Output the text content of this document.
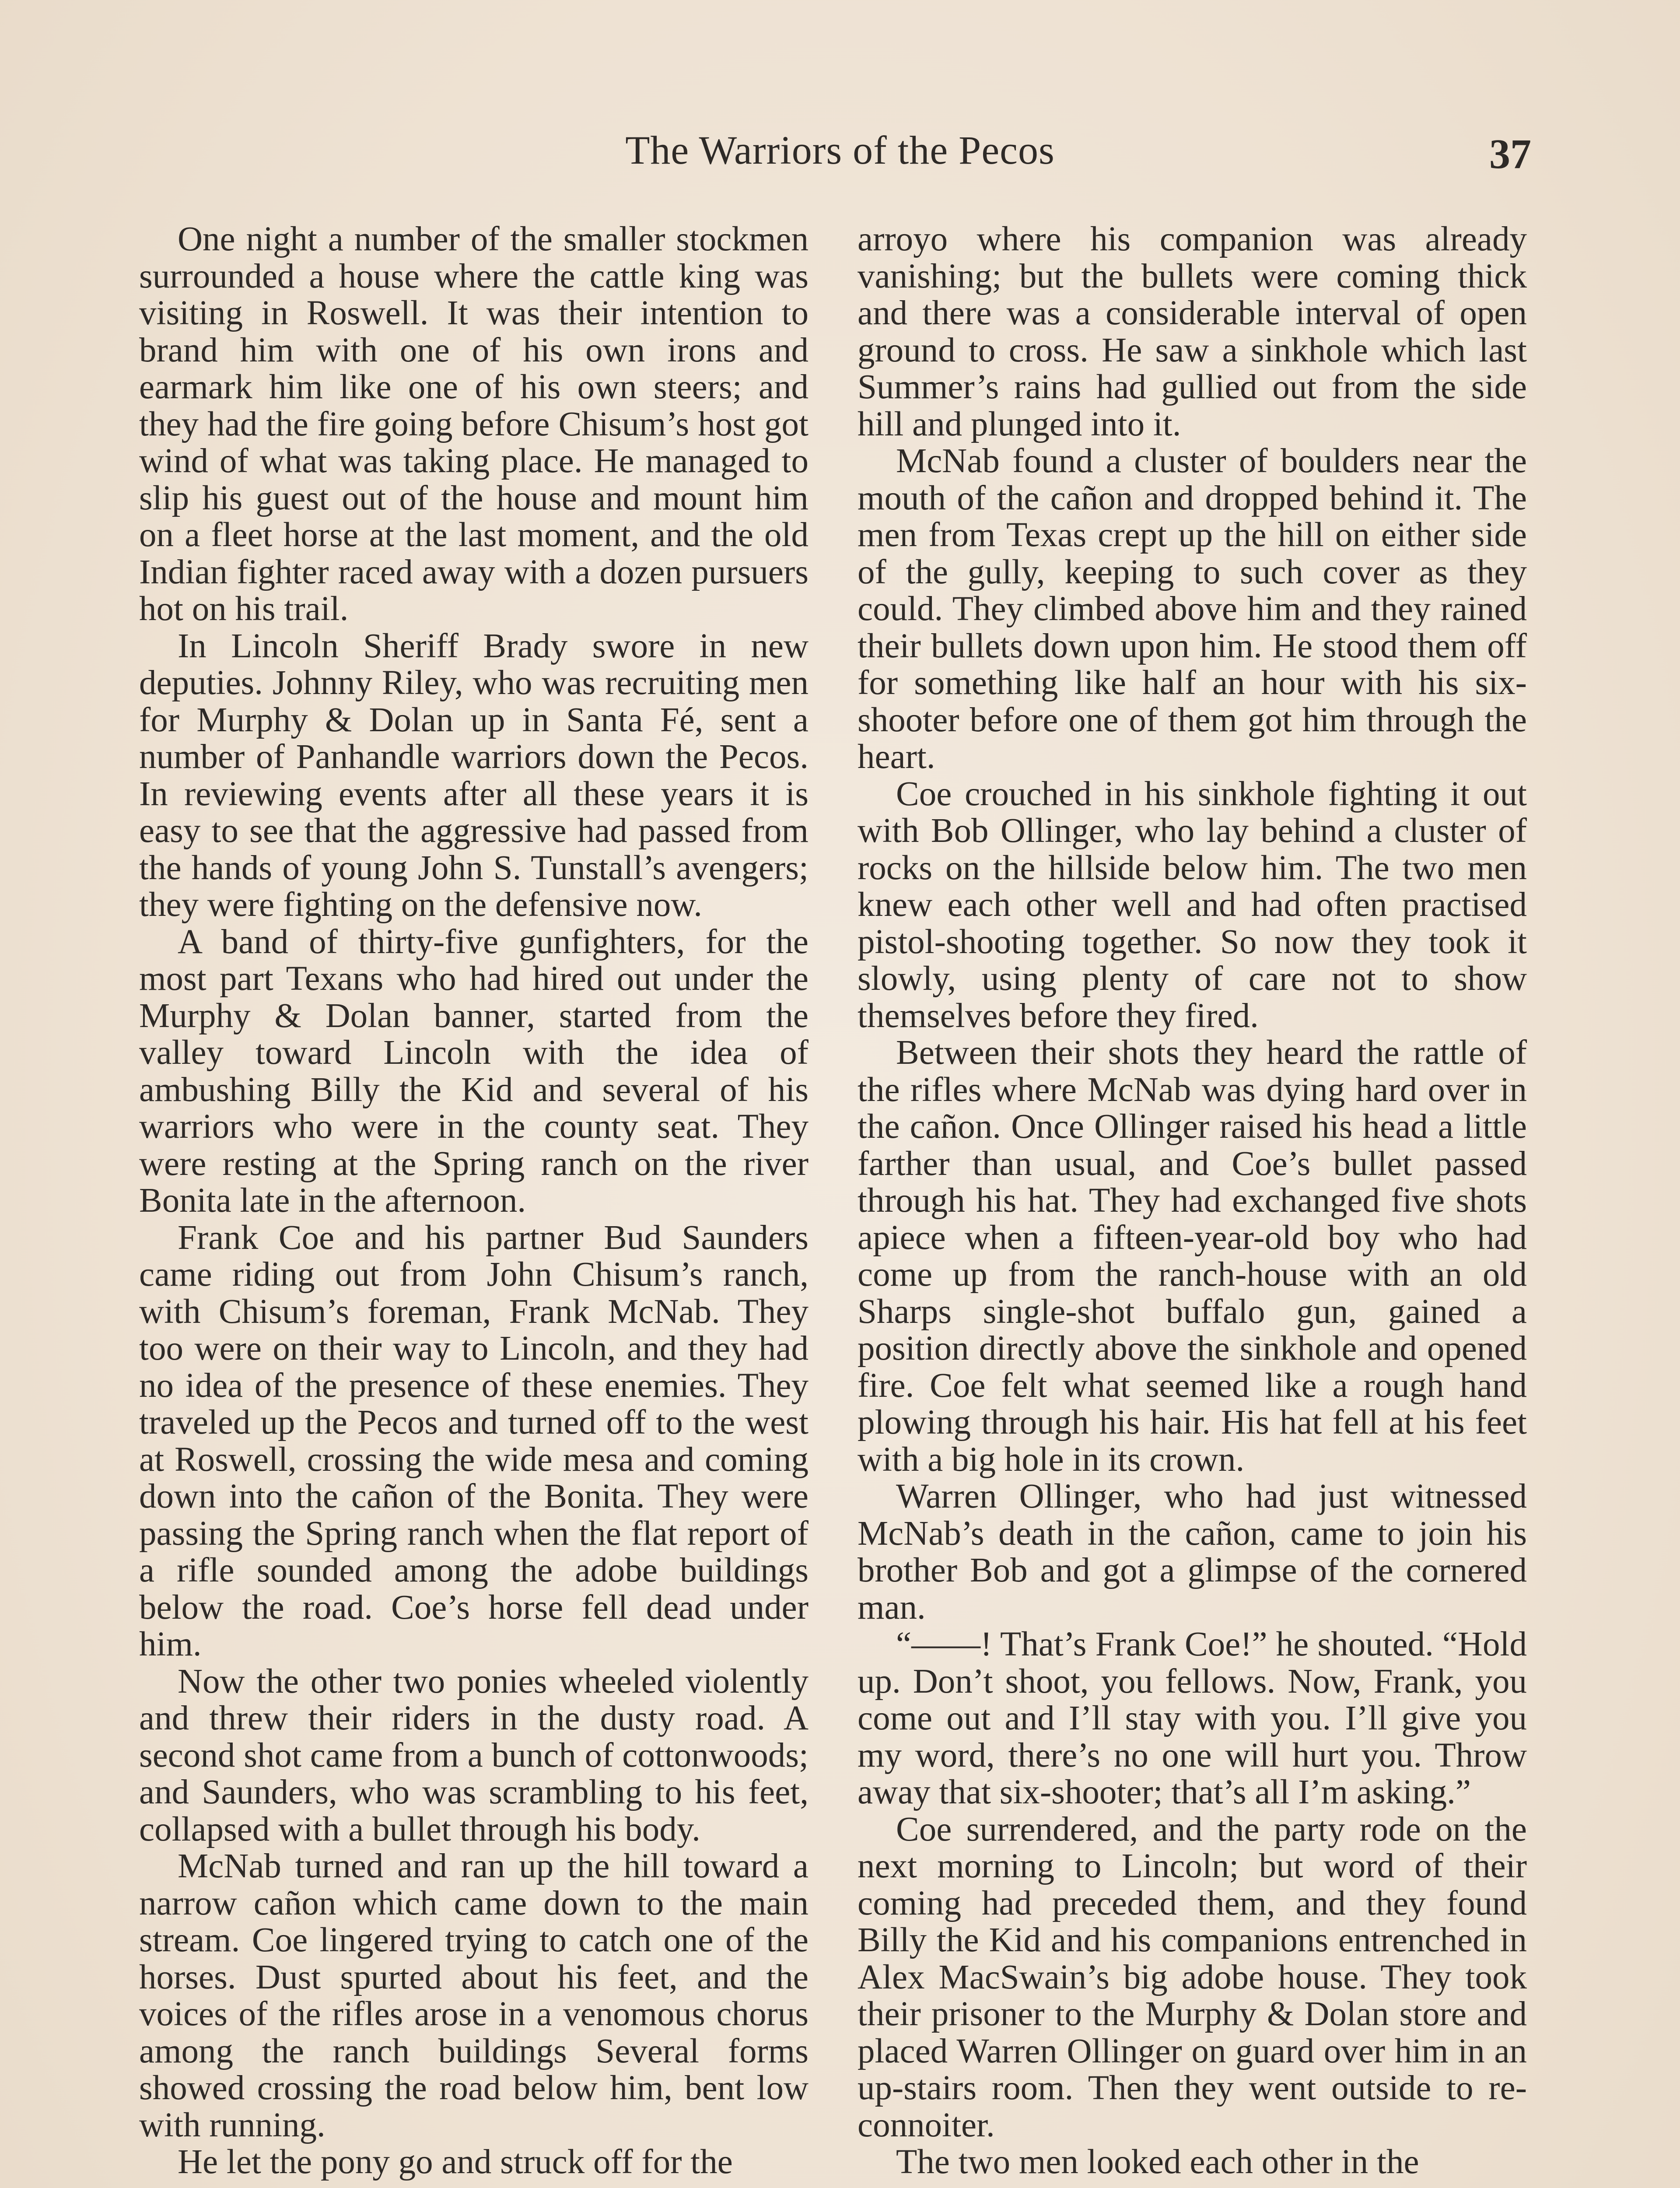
The Warriors of the Pecos	37

One night a number of the smaller stockmen surrounded a house where the cattle king was visiting in Roswell. It was their intention to brand him with one of his own irons and earmark him like one of his own steers; and they had the fire going before Chisum’s host got wind of what was taking place. He managed to slip his guest out of the house and mount him on a fleet horse at the last moment, and the old Indian fighter raced away with a dozen pursuers hot on his trail.

In Lincoln Sheriff Brady swore in new deputies. Johnny Riley, who was recruiting men for Murphy & Dolan up in Santa Fé, sent a number of Panhandle warriors down the Pecos. In reviewing events after all these years it is easy to see that the aggressive had passed from the hands of young John S. Tunstall’s avengers; they were fighting on the defensive now.

A band of thirty-five gunfighters, for the most part Texans who had hired out under the Murphy & Dolan banner, started from the valley toward Lincoln with the idea of ambushing Billy the Kid and several of his warriors who were in the county seat. They were resting at the Spring ranch on the river Bonita late in the afternoon.

Frank Coe and his partner Bud Saunders came riding out from John Chisum’s ranch, with Chisum’s foreman, Frank McNab. They too were on their way to Lincoln, and they had no idea of the presence of these enemies. They traveled up the Pecos and turned off to the west at Roswell, crossing the wide mesa and coming down into the cañon of the Bonita. They were passing the Spring ranch when the flat report of a rifle sounded among the adobe buildings below the road. Coe’s horse fell dead under him.

Now the other two ponies wheeled violently and threw their riders in the dusty road. A second shot came from a bunch of cottonwoods; and Saunders, who was scrambling to his feet, collapsed with a bullet through his body.

McNab turned and ran up the hill toward a narrow cañon which came down to the main stream. Coe lingered trying to catch one of the horses. Dust spurted about his feet, and the voices of the rifles arose in a venomous chorus among the ranch buildings Several forms showed crossing the road below him, bent low with running.

He let the pony go and struck off for the

arroyo where his companion was already vanishing; but the bullets were coming thick and there was a considerable interval of open ground to cross. He saw a sinkhole which last Summer’s rains had gullied out from the side hill and plunged into it.

McNab found a cluster of boulders near the mouth of the cañon and dropped behind it. The men from Texas crept up the hill on either side of the gully, keeping to such cover as they could. They climbed above him and they rained their bullets down upon him. He stood them off for something like half an hour with his six-shooter before one of them got him through the heart.

Coe crouched in his sinkhole fighting it out with Bob Ollinger, who lay behind a cluster of rocks on the hillside below him. The two men knew each other well and had often practised pistol-shooting together. So now they took it slowly, using plenty of care not to show themselves before they fired.

Between their shots they heard the rattle of the rifles where McNab was dying hard over in the cañon. Once Ollinger raised his head a little farther than usual, and Coe’s bullet passed through his hat. They had exchanged five shots apiece when a fifteen-year-old boy who had come up from the ranch-house with an old Sharps single-shot buffalo gun, gained a position directly above the sinkhole and opened fire. Coe felt what seemed like a rough hand plowing through his hair. His hat fell at his feet with a big hole in its crown.

Warren Ollinger, who had just witnessed McNab’s death in the cañon, came to join his brother Bob and got a glimpse of the cornered man.

“——! That’s Frank Coe!” he shouted. “Hold up. Don’t shoot, you fellows. Now, Frank, you come out and I’ll stay with you. I’ll give you my word, there’s no one will hurt you. Throw away that six-shooter; that’s all I’m asking.”

Coe surrendered, and the party rode on the next morning to Lincoln; but word of their coming had preceded them, and they found Billy the Kid and his companions entrenched in Alex MacSwain’s big adobe house. They took their prisoner to the Murphy & Dolan store and placed Warren Ollinger on guard over him in an up-stairs room. Then they went outside to reconnoiter.

The two men looked each other in the
